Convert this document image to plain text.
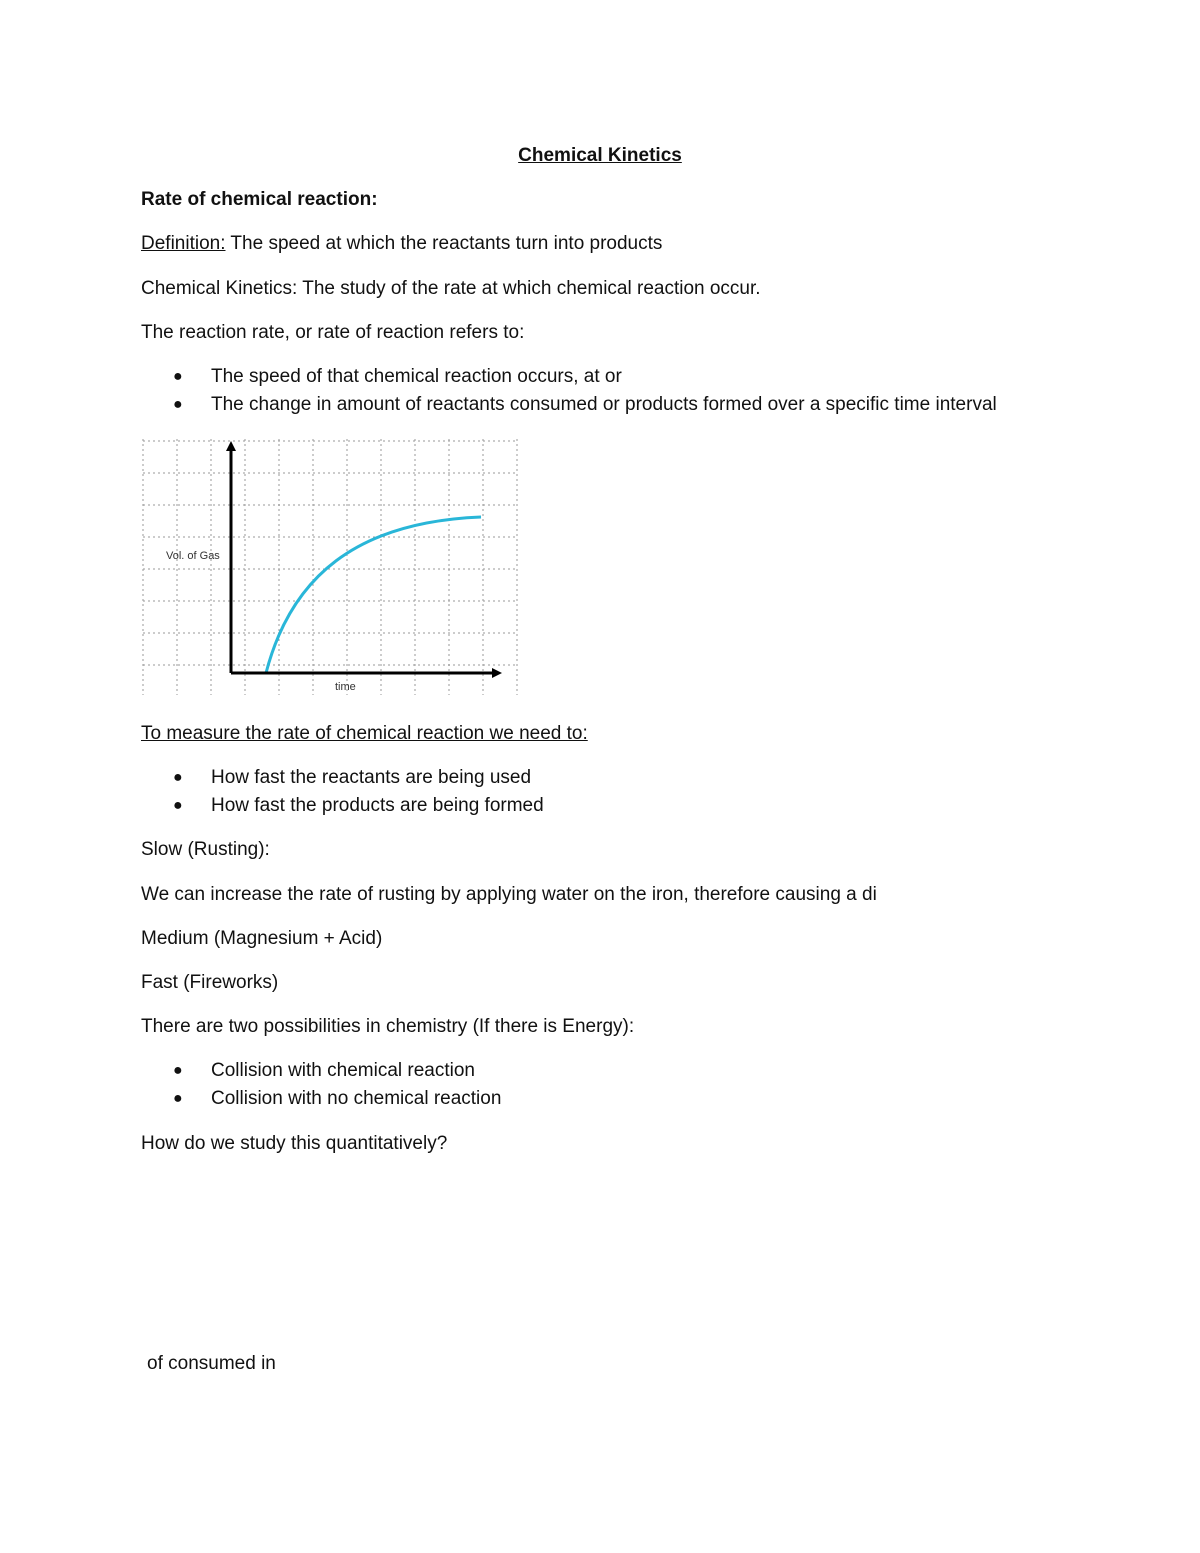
Chemical Kinetics
Rate of chemical reaction:
Definition: The speed at which the reactants turn into products
Chemical Kinetics: The study of the rate at which chemical reaction occur.
The reaction rate, or rate of reaction refers to:
● The speed of that chemical reaction occurs, at or
● The change in amount of reactants consumed or products formed over a specific time interval
Vol. of Gas
time
To measure the rate of chemical reaction we need to:
● How fast the reactants are being used
● How fast the products are being formed
Slow (Rusting):
We can increase the rate of rusting by applying water on the iron, therefore causing a di
Medium (Magnesium + Acid)
Fast (Fireworks)
There are two possibilities in chemistry (If there is Energy):
● Collision with chemical reaction
● Collision with no chemical reaction
How do we study this quantitatively?
of consumed in
